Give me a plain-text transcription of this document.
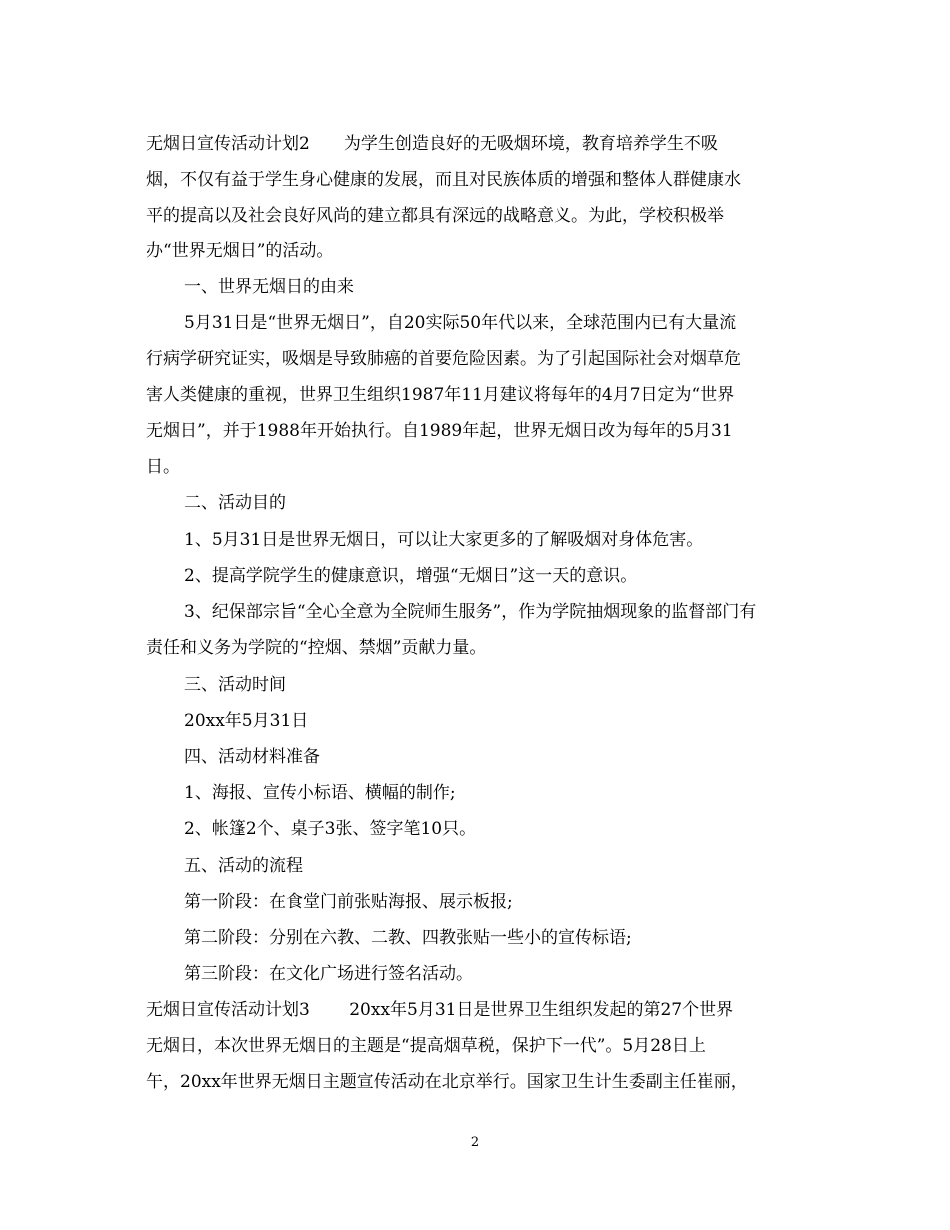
无烟日宣传活动计划2　　为学生创造良好的无吸烟环境，教育培养学生不吸
烟，不仅有益于学生身心健康的发展，而且对民族体质的增强和整体人群健康水
平的提高以及社会良好风尚的建立都具有深远的战略意义。为此，学校积极举
办“世界无烟日”的活动。
一、世界无烟日的由来
5月31日是“世界无烟日”，自20实际50年代以来，全球范围内已有大量流
行病学研究证实，吸烟是导致肺癌的首要危险因素。为了引起国际社会对烟草危
害人类健康的重视，世界卫生组织1987年11月建议将每年的4月7日定为“世界
无烟日”，并于1988年开始执行。自1989年起，世界无烟日改为每年的5月31
日。
二、活动目的
1、5月31日是世界无烟日，可以让大家更多的了解吸烟对身体危害。
2、提高学院学生的健康意识，增强“无烟日”这一天的意识。
3、纪保部宗旨“全心全意为全院师生服务”，作为学院抽烟现象的监督部门有
责任和义务为学院的“控烟、禁烟”贡献力量。
三、活动时间
20xx年5月31日
四、活动材料准备
1、海报、宣传小标语、横幅的制作;
2、帐篷2个、桌子3张、签字笔10只。
五、活动的流程
第一阶段：在食堂门前张贴海报、展示板报;
第二阶段：分别在六教、二教、四教张贴一些小的宣传标语;
第三阶段：在文化广场进行签名活动。
无烟日宣传活动计划3　　 20xx年5月31日是世界卫生组织发起的第27个世界
无烟日，本次世界无烟日的主题是“提高烟草税，保护下一代”。5月28日上
午，20xx年世界无烟日主题宣传活动在北京举行。国家卫生计生委副主任崔丽，
2
